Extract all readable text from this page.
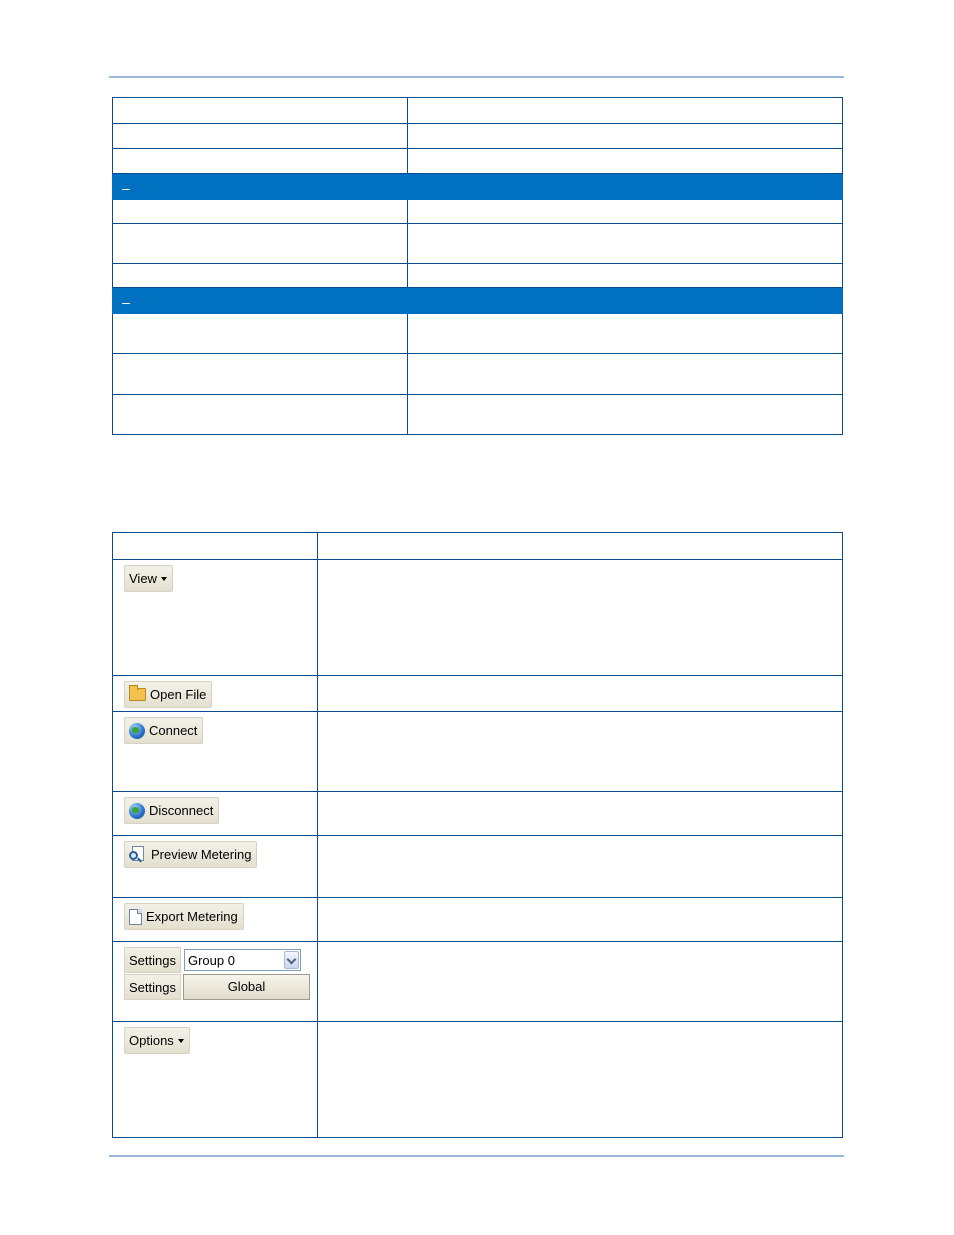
View	

Open File	

Connect	

Disconnect	

Preview Metering	

Export Metering	

Settings Group 0
Settings Global	

Options	
